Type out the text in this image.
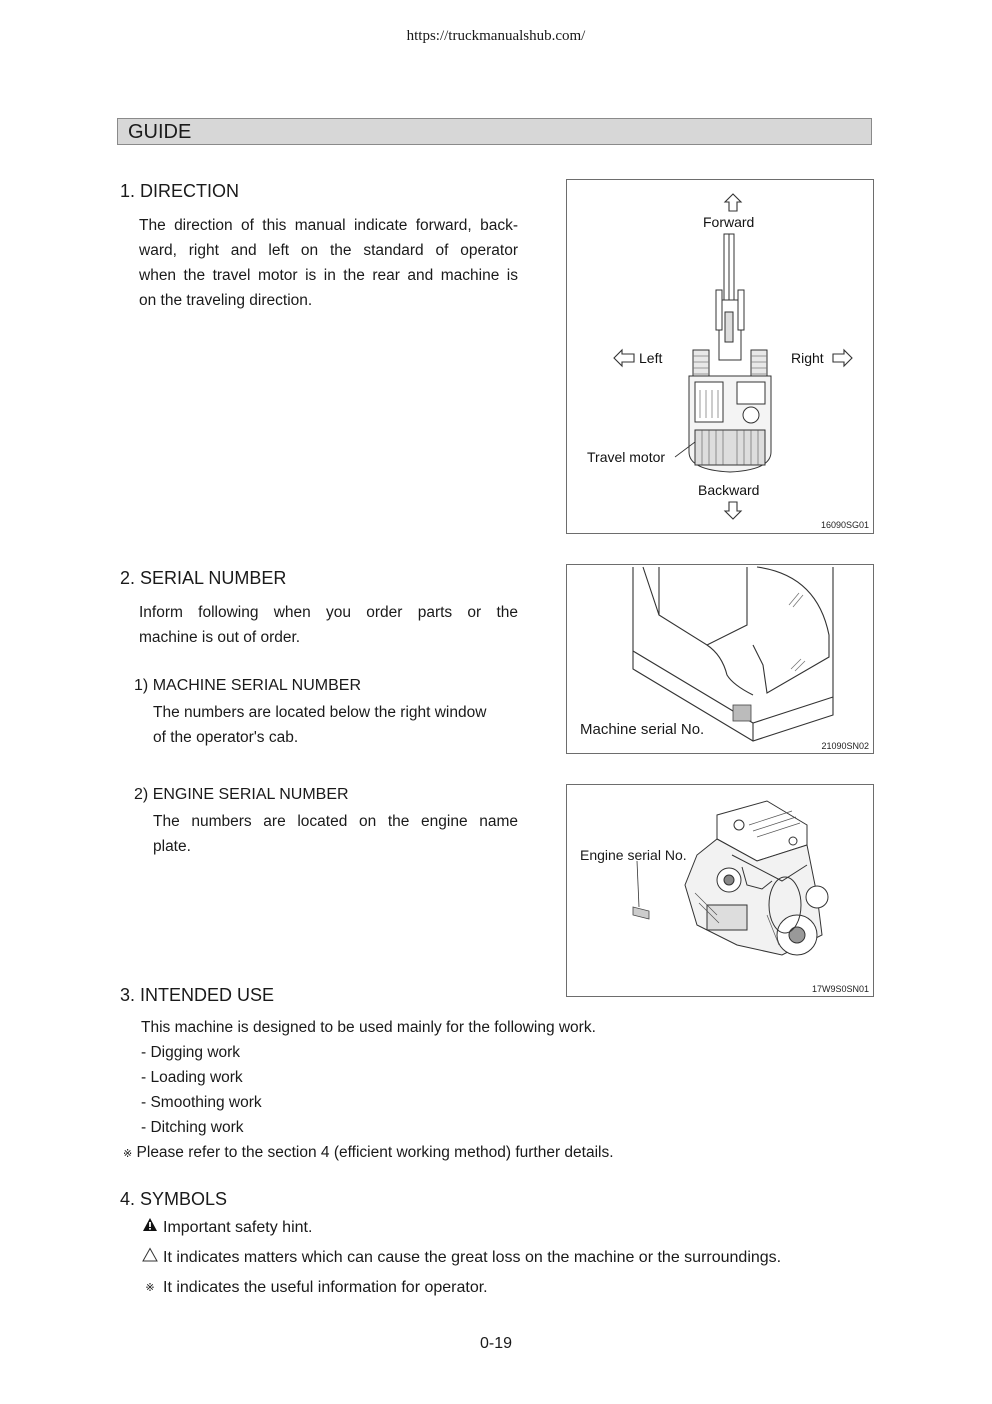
https://truckmanualshub.com/
GUIDE
1. DIRECTION
The direction of this manual indicate forward, back-
ward, right and left on the standard of operator
when the travel motor is in the rear and machine is
on the traveling direction.
Forward
Left	Right
Travel motor
Backward
16090SG01
2. SERIAL NUMBER
Inform following when you order parts or the
machine is out of order.
1) MACHINE SERIAL NUMBER
The numbers are located below the right window
of the operator's cab.	Machine serial No.
21090SN02
2) ENGINE SERIAL NUMBER
The numbers are located on the engine name
plate.	Engine serial No.
17W9S0SN01
3. INTENDED USE
This machine is designed to be used mainly for the following work.
- Digging work
- Loading work
- Smoothing work
- Ditching work
※ Please refer to the section 4 (efficient working method) further details.
4. SYMBOLS
Important safety hint.
It indicates matters which can cause the great loss on the machine or the surroundings.
※ It indicates the useful information for operator.
0-19
